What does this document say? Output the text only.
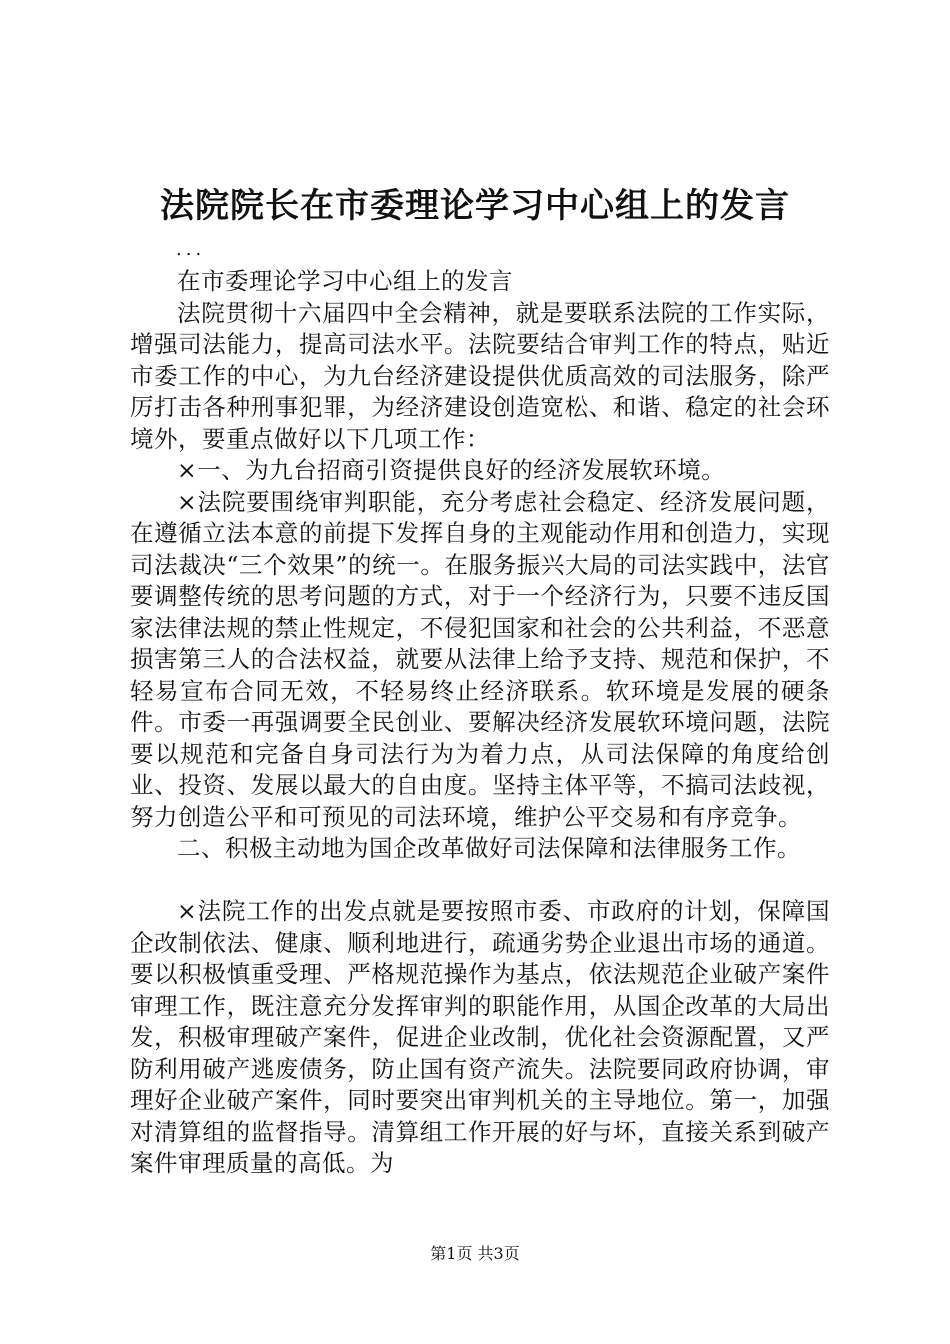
法院院长在市委理论学习中心组上的发言
...

在市委理论学习中心组上的发言

法院贯彻十六届四中全会精神，就是要联系法院的工作实际，增强司法能力，提高司法水平。法院要结合审判工作的特点，贴近市委工作的中心，为九台经济建设提供优质高效的司法服务，除严厉打击各种刑事犯罪，为经济建设创造宽松、和谐、稳定的社会环境外，要重点做好以下几项工作：

×一、为九台招商引资提供良好的经济发展软环境。

×法院要围绕审判职能，充分考虑社会稳定、经济发展问题，在遵循立法本意的前提下发挥自身的主观能动作用和创造力，实现司法裁决“三个效果”的统一。在服务振兴大局的司法实践中，法官要调整传统的思考问题的方式，对于一个经济行为，只要不违反国家法律法规的禁止性规定，不侵犯国家和社会的公共利益，不恶意损害第三人的合法权益，就要从法律上给予支持、规范和保护，不轻易宣布合同无效，不轻易终止经济联系。软环境是发展的硬条件。市委一再强调要全民创业、要解决经济发展软环境问题，法院要以规范和完备自身司法行为为着力点，从司法保障的角度给创业、投资、发展以最大的自由度。坚持主体平等，不搞司法歧视，努力创造公平和可预见的司法环境，维护公平交易和有序竞争。

二、积极主动地为国企改革做好司法保障和法律服务工作。

×法院工作的出发点就是要按照市委、市政府的计划，保障国企改制依法、健康、顺利地进行，疏通劣势企业退出市场的通道。要以积极慎重受理、严格规范操作为基点，依法规范企业破产案件审理工作，既注意充分发挥审判的职能作用，从国企改革的大局出发，积极审理破产案件，促进企业改制，优化社会资源配置，又严防利用破产逃废债务，防止国有资产流失。法院要同政府协调，审理好企业破产案件，同时要突出审判机关的主导地位。第一，加强对清算组的监督指导。清算组工作开展的好与坏，直接关系到破产案件审理质量的高低。为

第1页 共3页
